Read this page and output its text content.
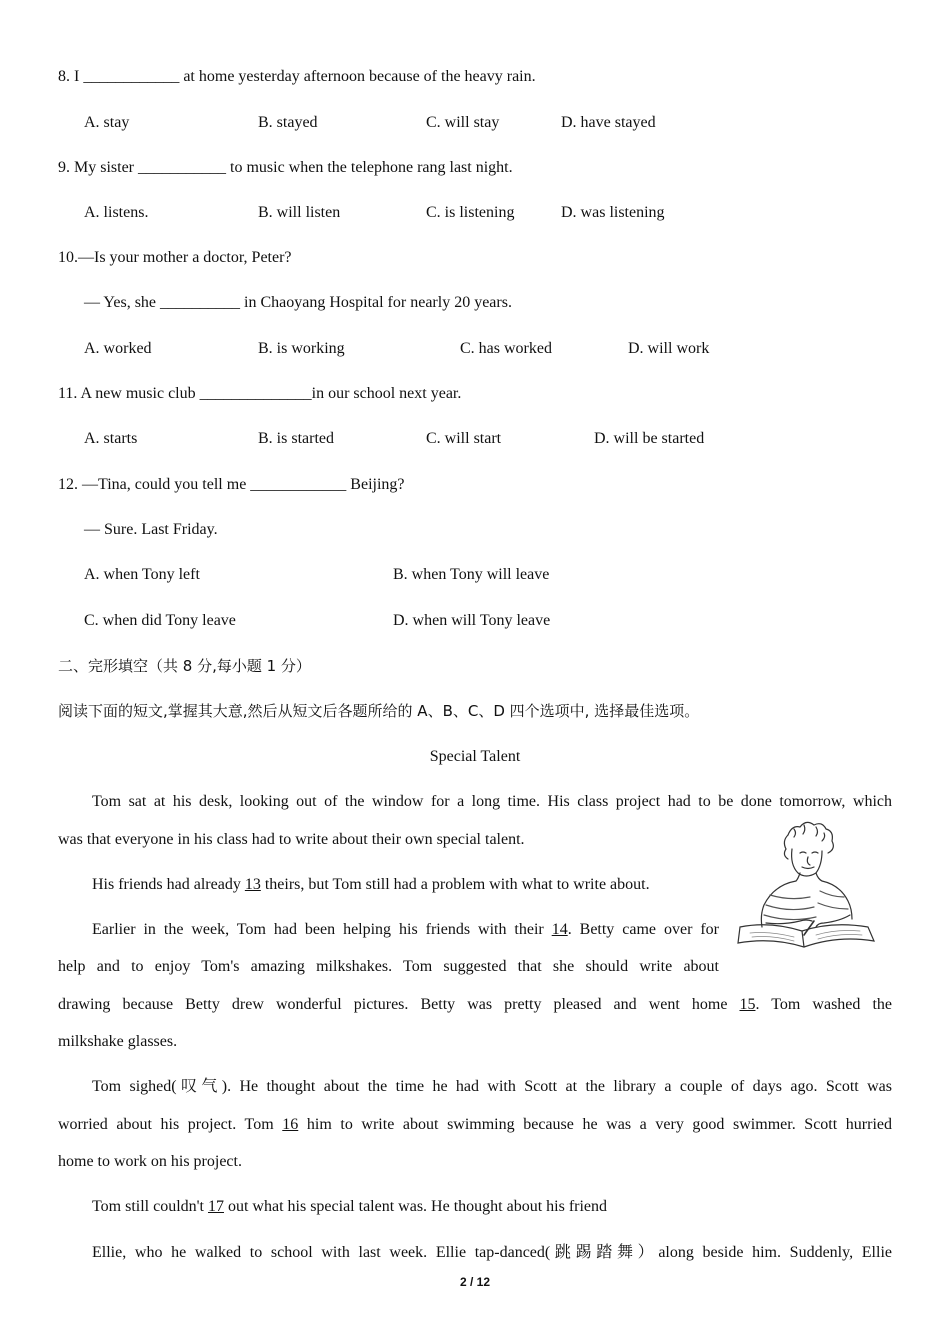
8. I ____________ at home yesterday afternoon because of the heavy rain.
A. stay	B. stayed	C. will stay	D. have stayed
9. My sister ___________ to music when the telephone rang last night.
A. listens.	B. will listen	C. is listening	D. was listening
10.—Is your mother a doctor, Peter?
— Yes, she __________ in Chaoyang Hospital for nearly 20 years.
A. worked	B. is working	C. has worked	D. will work
11. A new music club ______________in our school next year.
A. starts	B. is started	C. will start	D. will be started
12. —Tina, could you tell me ____________ Beijing?
— Sure. Last Friday.
A. when Tony left	B. when Tony will leave
C. when did Tony leave	D. when will Tony leave
二、完形填空（共 8 分,每小题 1 分）
阅读下面的短文,掌握其大意,然后从短文后各题所给的 A、B、C、D 四个选项中, 选择最佳选项。
Special Talent
Tom sat at his desk, looking out of the window for a long time. His class project had to be done tomorrow, which
was that everyone in his class had to write about their own special talent.
His friends had already 13 theirs, but Tom still had a problem with what to write about.
Earlier in the week, Tom had been helping his friends with their 14. Betty came over for
help and to enjoy Tom's amazing milkshakes. Tom suggested that she should write about
drawing because Betty drew wonderful pictures. Betty was pretty pleased and went home 15. Tom washed the
milkshake glasses.
Tom sighed(叹气). He thought about the time he had with Scott at the library a couple of days ago. Scott was
worried about his project. Tom 16 him to write about swimming because he was a very good swimmer. Scott hurried
home to work on his project.
Tom still couldn't 17 out what his special talent was. He thought about his friend
Ellie, who he walked to school with last week. Ellie tap-danced(跳踢踏舞）along beside him. Suddenly, Ellie
2 / 12
